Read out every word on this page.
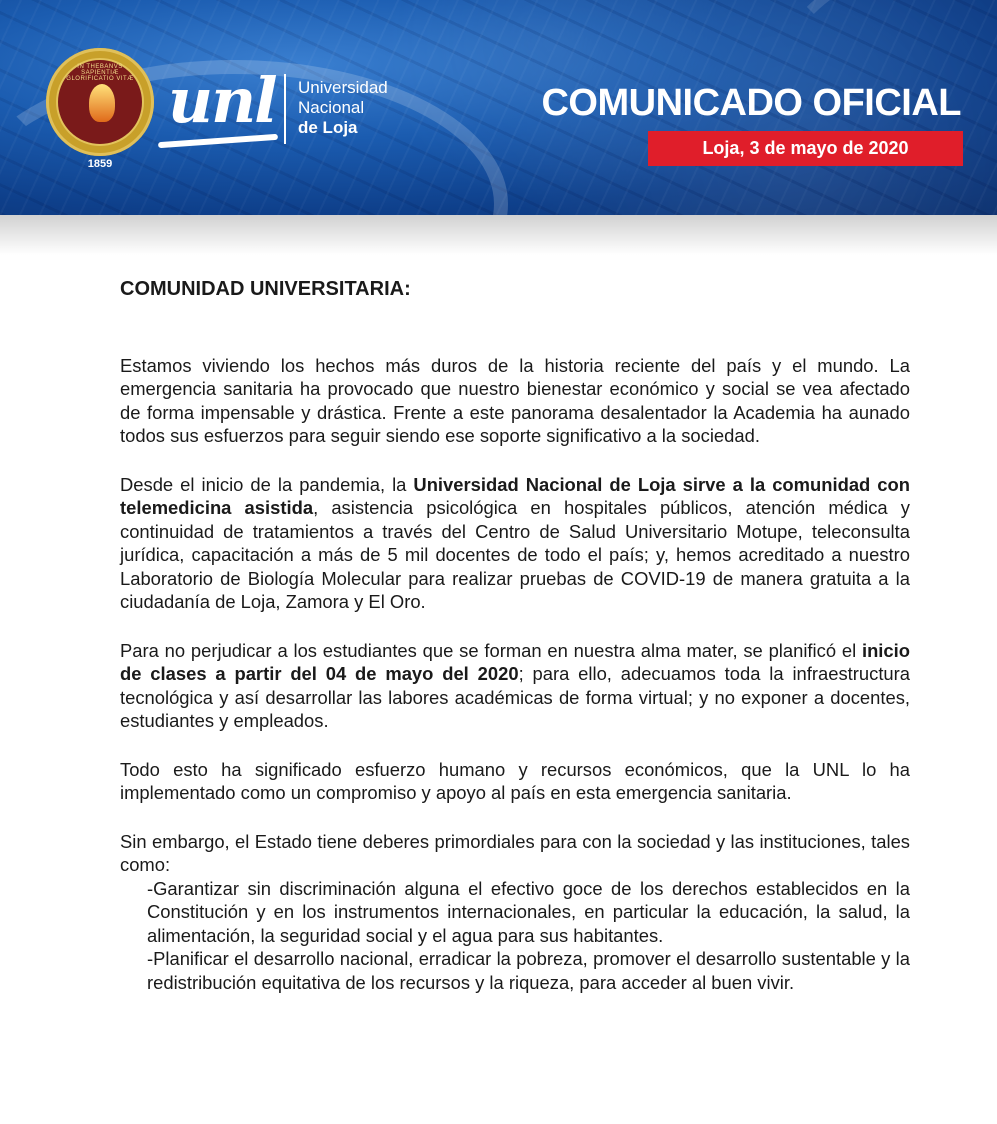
IN THEBANVS SAPIENTIÆ GLORIFICATIO VITÆ
1859
unl Universidad
Nacional
de Loja
COMUNICADO OFICIAL
Loja, 3 de mayo de 2020
COMUNIDAD UNIVERSITARIA:

Estamos viviendo los hechos más duros de la historia reciente del país y el mundo. La emergencia sanitaria ha provocado que nuestro bienestar económico y social se vea afectado de forma impensable y drástica. Frente a este panorama desalentador la Academia ha aunado todos sus esfuerzos para seguir siendo ese soporte significativo a la sociedad.

Desde el inicio de la pandemia, la Universidad Nacional de Loja sirve a la comunidad con telemedicina asistida, asistencia psicológica en hospitales públicos, atención médica y continuidad de tratamientos a través del Centro de Salud Universitario Motupe, teleconsulta jurídica, capacitación a más de 5 mil docentes de todo el país; y, hemos acreditado a nuestro Laboratorio de Biología Molecular para realizar pruebas de COVID-19 de manera gratuita a la ciudadanía de Loja, Zamora y El Oro.

Para no perjudicar a los estudiantes que se forman en nuestra alma mater, se planificó el inicio de clases a partir del 04 de mayo del 2020; para ello, adecuamos toda la infraestructura tecnológica y así desarrollar las labores académicas de forma virtual; y no exponer a docentes, estudiantes y empleados.

Todo esto ha significado esfuerzo humano y recursos económicos, que la UNL lo ha implementado como un compromiso y apoyo al país en esta emergencia sanitaria.

Sin embargo, el Estado tiene deberes primordiales para con la sociedad y las instituciones, tales como:

-Garantizar sin discriminación alguna el efectivo goce de los derechos establecidos en la Constitución y en los instrumentos internacionales, en particular la educación, la salud, la alimentación, la seguridad social y el agua para sus habitantes.

-Planificar el desarrollo nacional, erradicar la pobreza, promover el desarrollo sustentable y la redistribución equitativa de los recursos y la riqueza, para acceder al buen vivir.
